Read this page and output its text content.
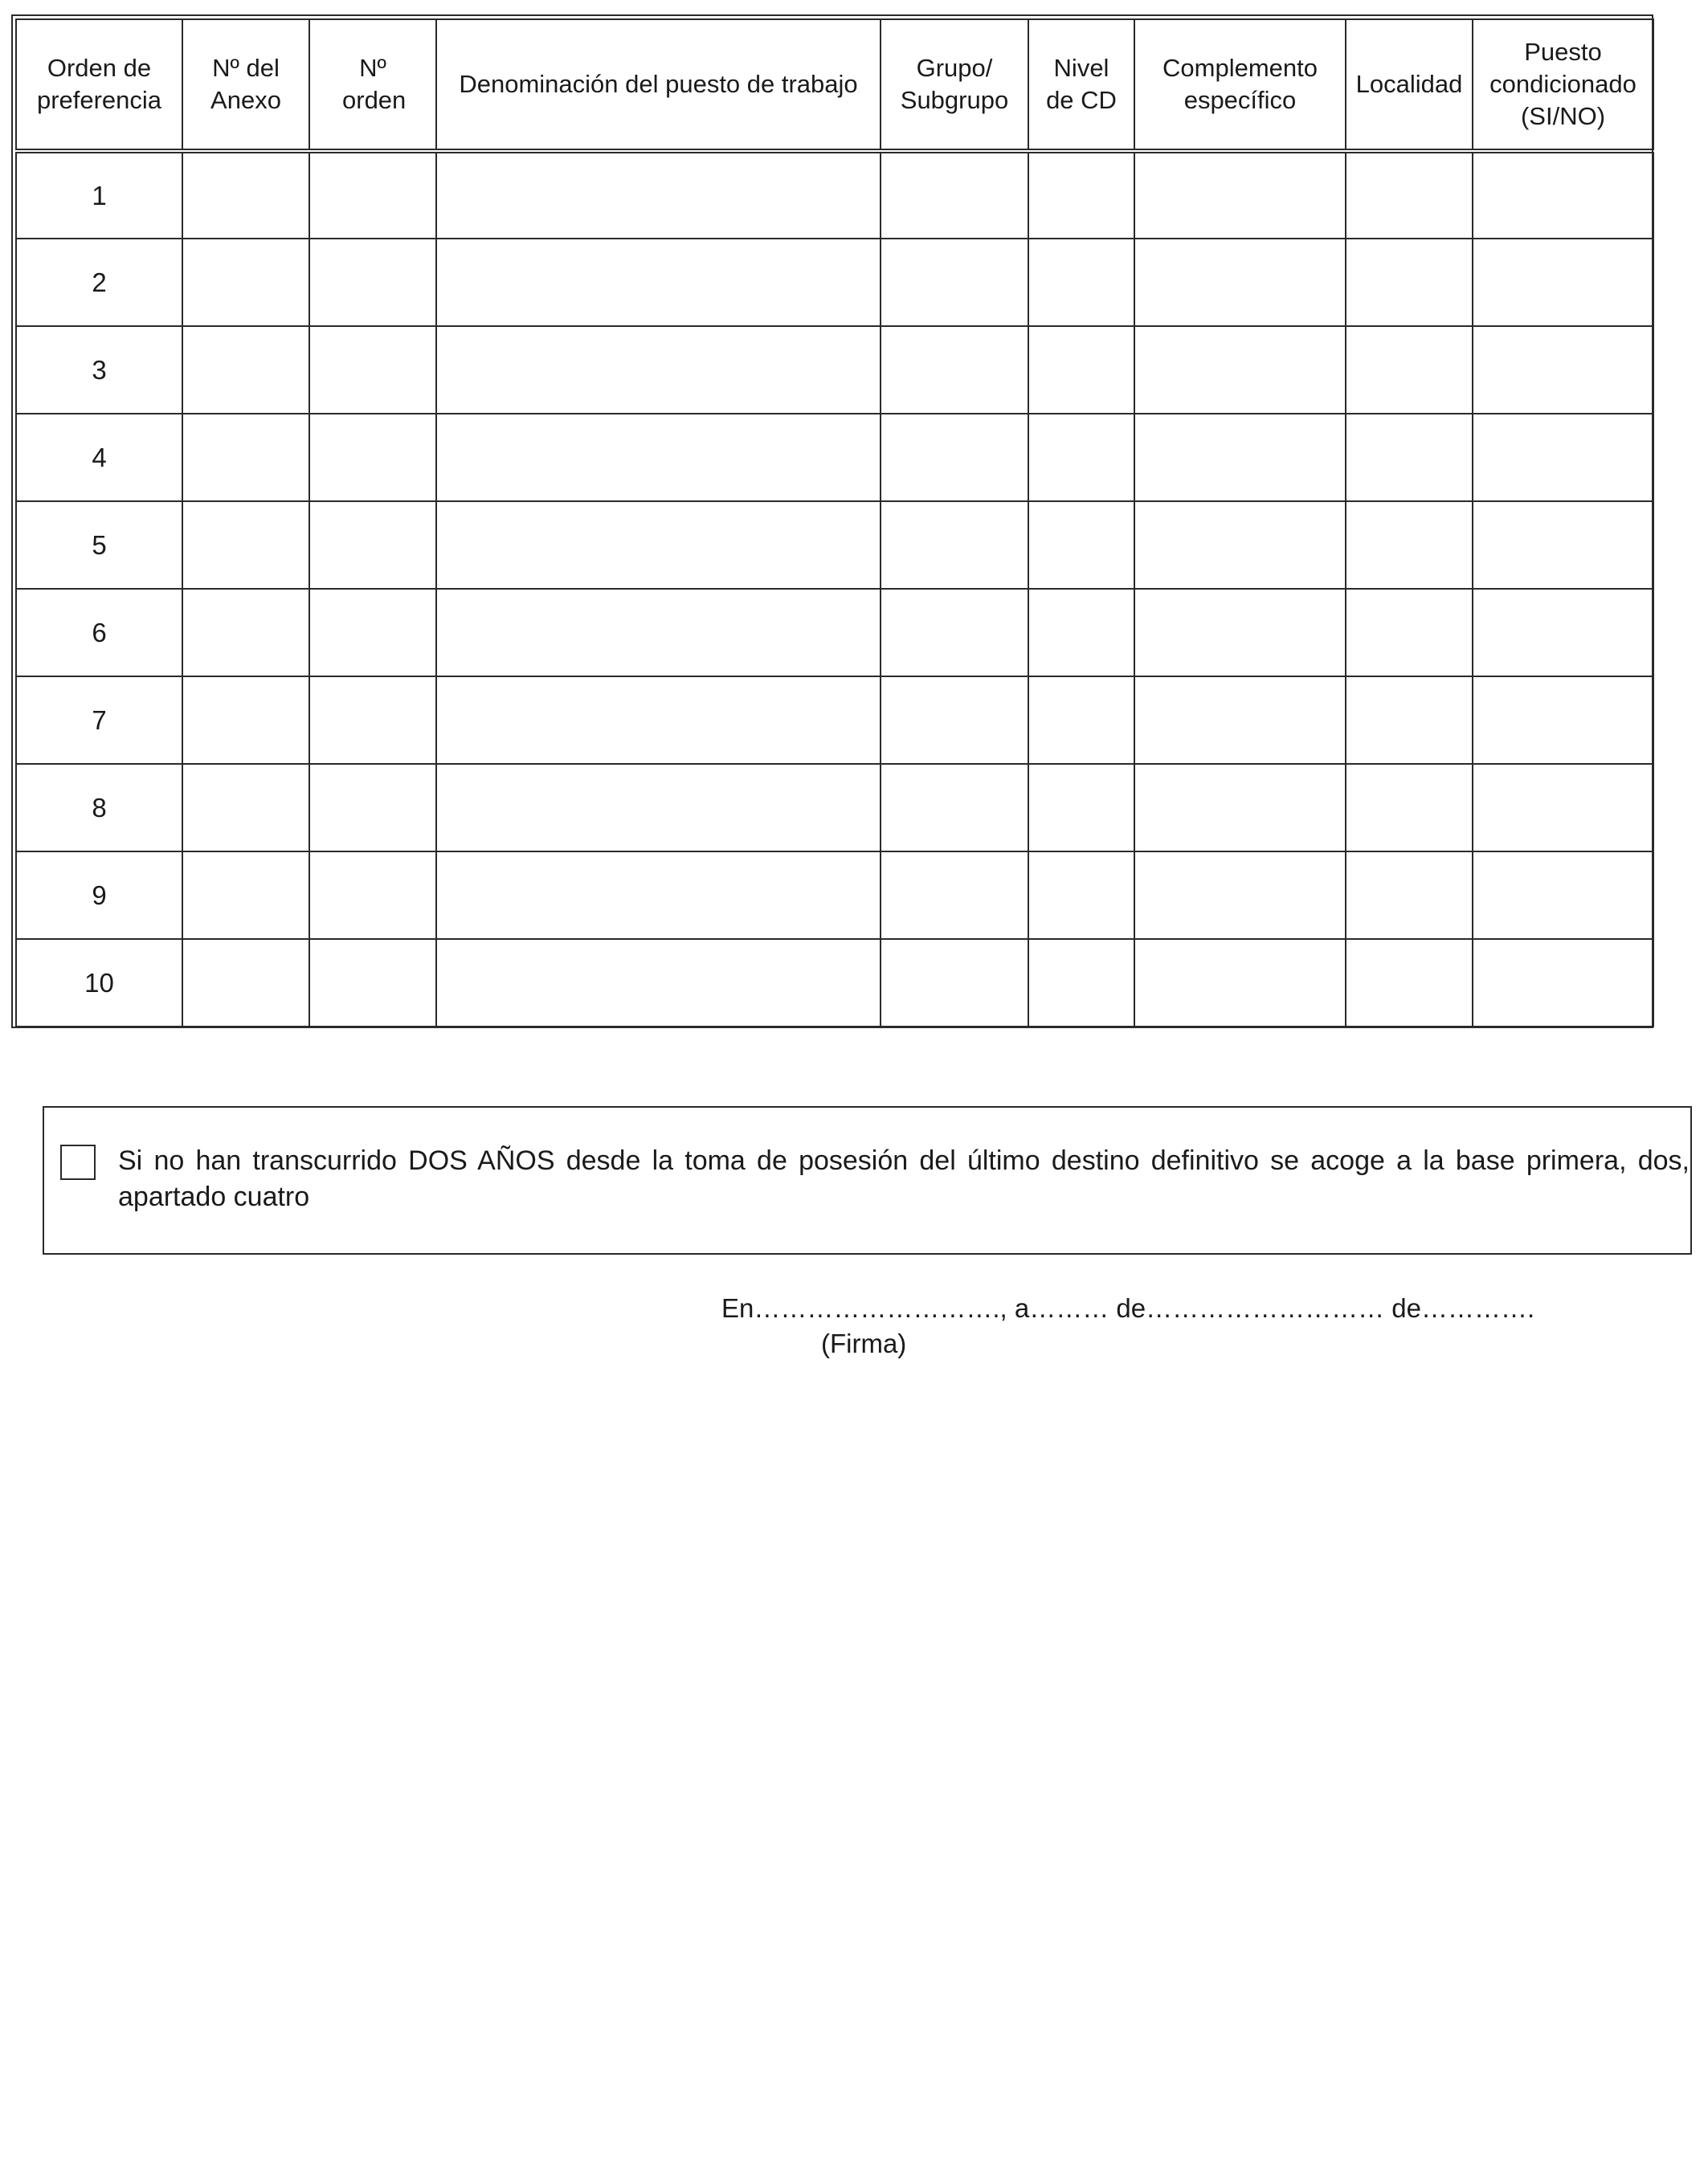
Orden de preferencia	Nº del Anexo	Nº orden	Denominación del puesto de trabajo	Grupo/ Subgrupo	Nivel de CD	Complemento específico	Localidad	Puesto condicionado (SI/NO)
1								
2								
3								
4								
5								
6								
7								
8								
9								
10								
Si no han transcurrido DOS AÑOS desde la toma de posesión del último destino definitivo se acoge a la base primera, dos, apartado cuatro
En………………………., a……… de……………………… de………….
(Firma)
